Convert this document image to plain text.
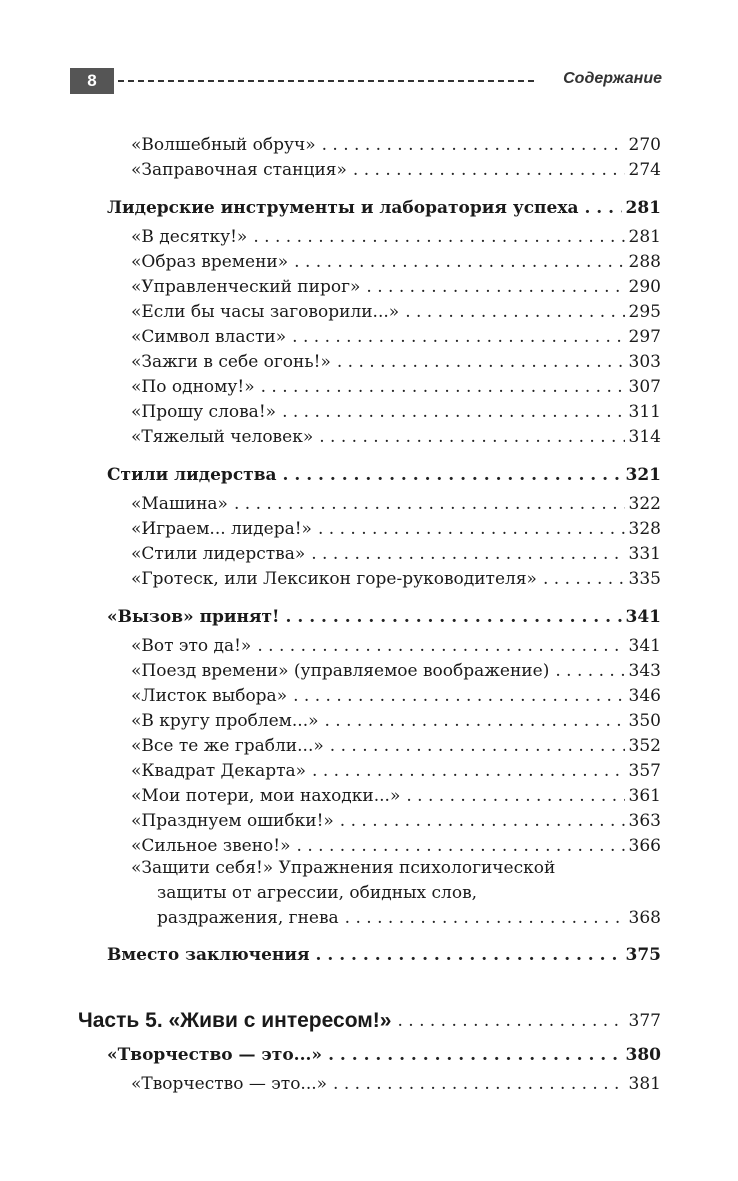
8	Содержание
«Волшебный обруч» . . .	270
«Заправочная станция» . . .	274
Лидерские инструменты и лаборатория успеха . . .	281
«В десятку!» . . .	281
«Образ времени» . . .	288
«Управленческий пирог» . . .	290
«Если бы часы заговорили...» . . .	295
«Символ власти» . . .	297
«Зажги в себе огонь!» . . .	303
«По одному!» . . .	307
«Прошу слова!» . . .	311
«Тяжелый человек» . . .	314
Стили лидерства . . .	321
«Машина» . . .	322
«Играем... лидера!» . . .	328
«Стили лидерства» . . .	331
«Гротеск, или Лексикон горе-руководителя» . . .	335
«Вызов» принят! . . .	341
«Вот это да!» . . .	341
«Поезд времени» (управляемое воображение) . . .	343
«Листок выбора» . . .	346
«В кругу проблем...» . . .	350
«Все те же грабли...» . . .	352
«Квадрат Декарта» . . .	357
«Мои потери, мои находки...» . . .	361
«Празднуем ошибки!» . . .	363
«Сильное звено!» . . .	366
«Защити себя!» Упражнения психологической
защиты от агрессии, обидных слов,
раздражения, гнева . . .	368
Вместо заключения . . .	375
Часть 5. «Живи с интересом!» . . .	377
«Творчество — это...» . . .	380
«Творчество — это...» . . .	381
